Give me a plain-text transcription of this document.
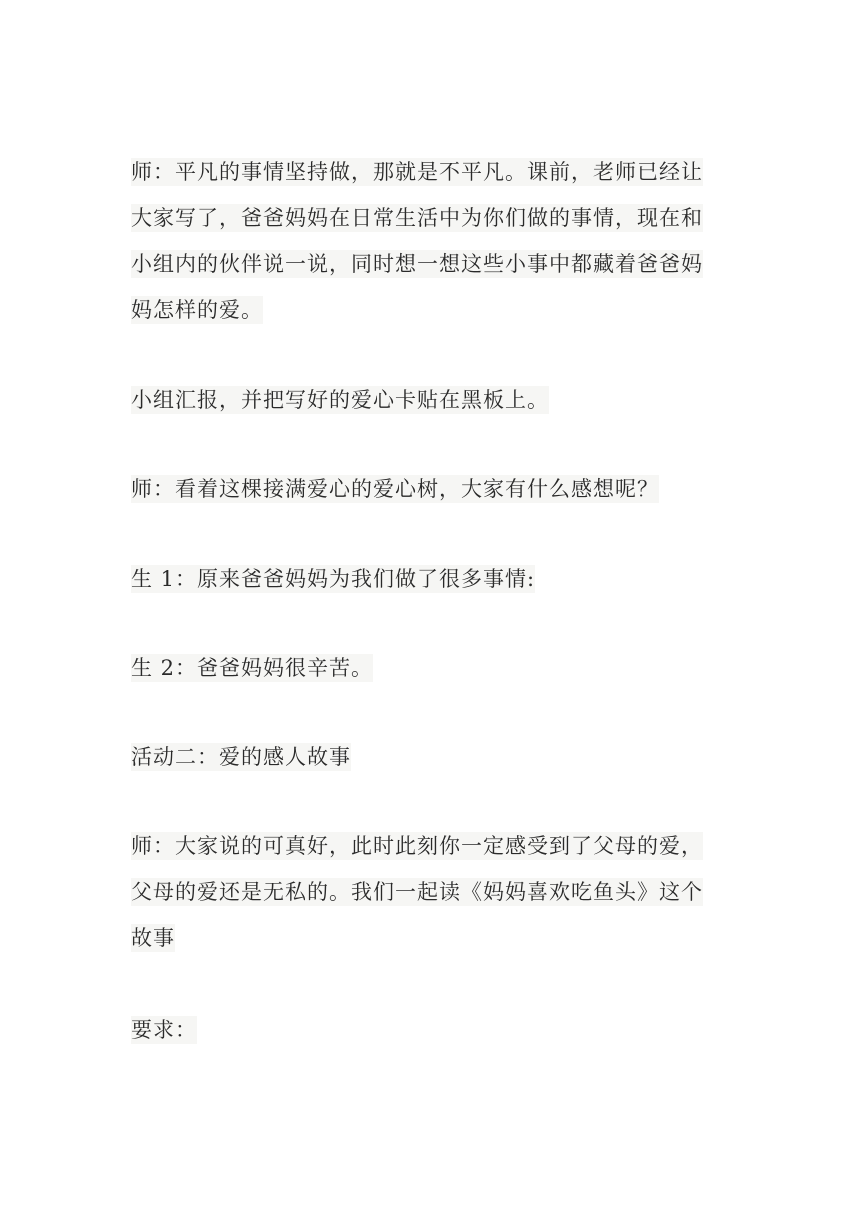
师：平凡的事情坚持做，那就是不平凡。课前，老师已经让
大家写了，爸爸妈妈在日常生活中为你们做的事情，现在和
小组内的伙伴说一说，同时想一想这些小事中都藏着爸爸妈
妈怎样的爱。
小组汇报，并把写好的爱心卡贴在黑板上。
师：看着这棵接满爱心的爱心树，大家有什么感想呢？
生 1：原来爸爸妈妈为我们做了很多事情:
生 2：爸爸妈妈很辛苦。
活动二：爱的感人故事
师：大家说的可真好，此时此刻你一定感受到了父母的爱，
父母的爱还是无私的。我们一起读《妈妈喜欢吃鱼头》这个
故事
要求：
